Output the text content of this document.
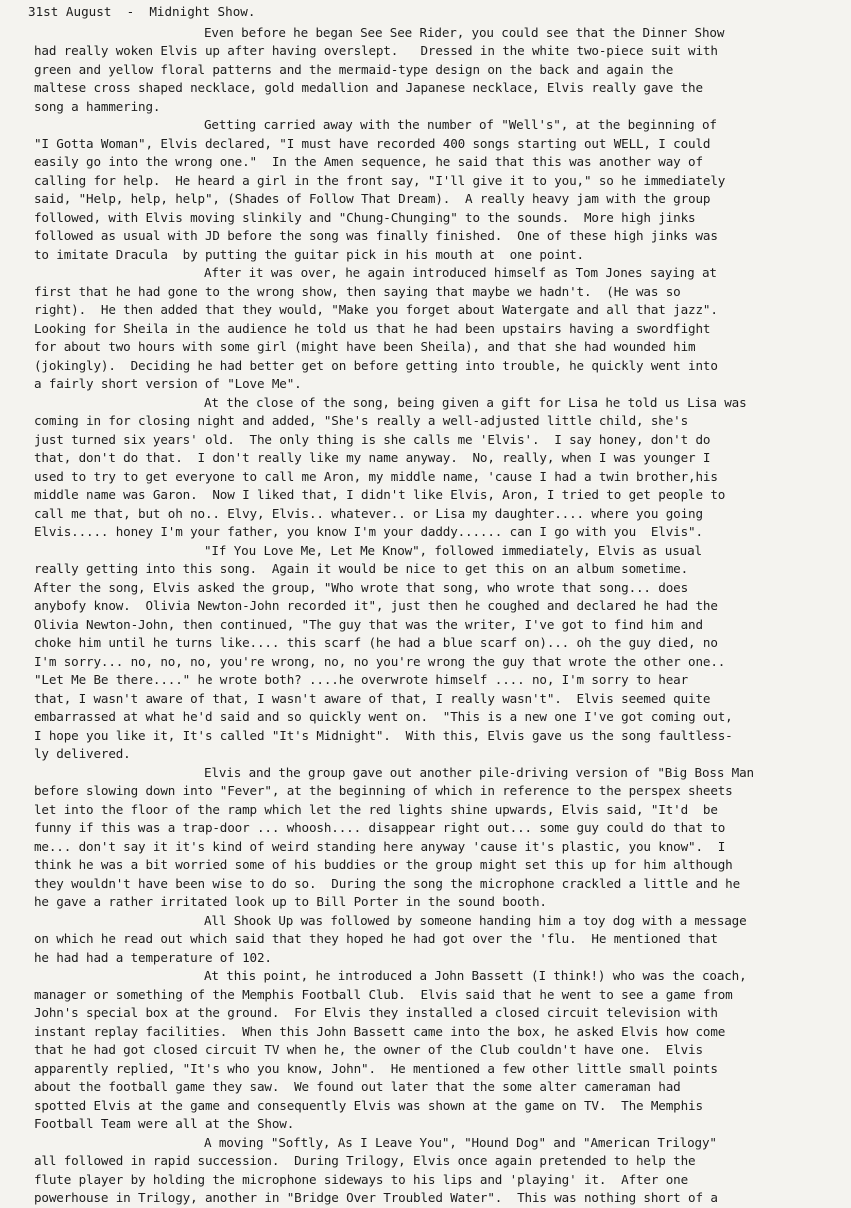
31st August  -  Midnight Show.
Even before he began See See Rider, you could see that the Dinner Show
had really woken Elvis up after having overslept.   Dressed in the white two-piece suit with
green and yellow floral patterns and the mermaid-type design on the back and again the
maltese cross shaped necklace, gold medallion and Japanese necklace, Elvis really gave the
song a hammering.
Getting carried away with the number of "Well's", at the beginning of
"I Gotta Woman", Elvis declared, "I must have recorded 400 songs starting out WELL, I could
easily go into the wrong one."  In the Amen sequence, he said that this was another way of
calling for help.  He heard a girl in the front say, "I'll give it to you," so he immediately
said, "Help, help, help", (Shades of Follow That Dream).  A really heavy jam with the group
followed, with Elvis moving slinkily and "Chung-Chunging" to the sounds.  More high jinks
followed as usual with JD before the song was finally finished.  One of these high jinks was
to imitate Dracula  by putting the guitar pick in his mouth at  one point.
After it was over, he again introduced himself as Tom Jones saying at
first that he had gone to the wrong show, then saying that maybe we hadn't.  (He was so
right).  He then added that they would, "Make you forget about Watergate and all that jazz".
Looking for Sheila in the audience he told us that he had been upstairs having a swordfight
for about two hours with some girl (might have been Sheila), and that she had wounded him
(jokingly).  Deciding he had better get on before getting into trouble, he quickly went into
a fairly short version of "Love Me".
At the close of the song, being given a gift for Lisa he told us Lisa was
coming in for closing night and added, "She's really a well-adjusted little child, she's
just turned six years' old.  The only thing is she calls me 'Elvis'.  I say honey, don't do
that, don't do that.  I don't really like my name anyway.  No, really, when I was younger I
used to try to get everyone to call me Aron, my middle name, 'cause I had a twin brother,his
middle name was Garon.  Now I liked that, I didn't like Elvis, Aron, I tried to get people to
call me that, but oh no.. Elvy, Elvis.. whatever.. or Lisa my daughter.... where you going
Elvis..... honey I'm your father, you know I'm your daddy...... can I go with you  Elvis".
"If You Love Me, Let Me Know", followed immediately, Elvis as usual
really getting into this song.  Again it would be nice to get this on an album sometime.
After the song, Elvis asked the group, "Who wrote that song, who wrote that song... does
anybofy know.  Olivia Newton-John recorded it", just then he coughed and declared he had the
Olivia Newton-John, then continued, "The guy that was the writer, I've got to find him and
choke him until he turns like.... this scarf (he had a blue scarf on)... oh the guy died, no
I'm sorry... no, no, no, you're wrong, no, no you're wrong the guy that wrote the other one..
"Let Me Be there...." he wrote both? ....he overwrote himself .... no, I'm sorry to hear
that, I wasn't aware of that, I wasn't aware of that, I really wasn't".  Elvis seemed quite
embarrassed at what he'd said and so quickly went on.  "This is a new one I've got coming out,
I hope you like it, It's called "It's Midnight".  With this, Elvis gave us the song faultless-
ly delivered.
Elvis and the group gave out another pile-driving version of "Big Boss Man
before slowing down into "Fever", at the beginning of which in reference to the perspex sheets
let into the floor of the ramp which let the red lights shine upwards, Elvis said, "It'd  be
funny if this was a trap-door ... whoosh.... disappear right out... some guy could do that to
me... don't say it it's kind of weird standing here anyway 'cause it's plastic, you know".  I
think he was a bit worried some of his buddies or the group might set this up for him although
they wouldn't have been wise to do so.  During the song the microphone crackled a little and he
he gave a rather irritated look up to Bill Porter in the sound booth.
All Shook Up was followed by someone handing him a toy dog with a message
on which he read out which said that they hoped he had got over the 'flu.  He mentioned that
he had had a temperature of 102.
At this point, he introduced a John Bassett (I think!) who was the coach,
manager or something of the Memphis Football Club.  Elvis said that he went to see a game from
John's special box at the ground.  For Elvis they installed a closed circuit television with
instant replay facilities.  When this John Bassett came into the box, he asked Elvis how come
that he had got closed circuit TV when he, the owner of the Club couldn't have one.  Elvis
apparently replied, "It's who you know, John".  He mentioned a few other little small points
about the football game they saw.  We found out later that the some alter cameraman had
spotted Elvis at the game and consequently Elvis was shown at the game on TV.  The Memphis
Football Team were all at the Show.
A moving "Softly, As I Leave You", "Hound Dog" and "American Trilogy"
all followed in rapid succession.  During Trilogy, Elvis once again pretended to help the
flute player by holding the microphone sideways to his lips and 'playing' it.  After one
powerhouse in Trilogy, another in "Bridge Over Troubled Water".  This was nothing short of a
